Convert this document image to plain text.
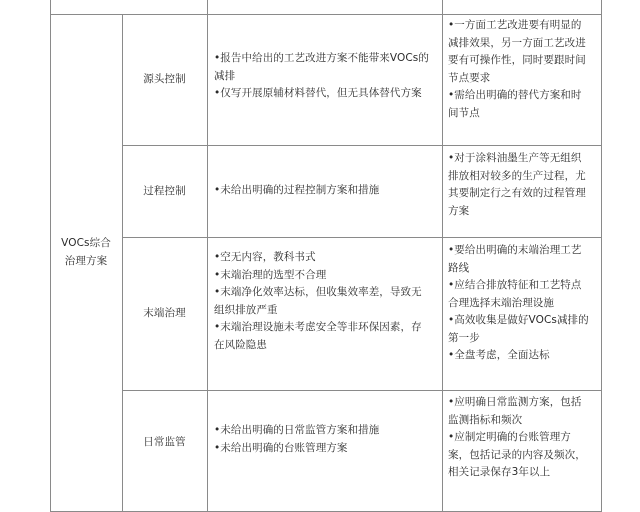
VOCs综合
治理方案
源头控制
过程控制
末端治理
日常监管
•报告中给出的工艺改进方案不能带来VOCs的
减排
•仅写开展原辅材料替代，但无具体替代方案
•未给出明确的过程控制方案和措施
•空无内容，教科书式
•末端治理的选型不合理
•末端净化效率达标，但收集效率差，导致无
组织排放严重
•末端治理设施未考虑安全等非环保因素，存
在风险隐患
•未给出明确的日常监管方案和措施
•未给出明确的台账管理方案
•一方面工艺改进要有明显的
减排效果，另一方面工艺改进
要有可操作性，同时要跟时间
节点要求
•需给出明确的替代方案和时
间节点
•对于涂料油墨生产等无组织
排放相对较多的生产过程，尤
其要制定行之有效的过程管理
方案
•要给出明确的末端治理工艺
路线
•应结合排放特征和工艺特点
合理选择末端治理设施
•高效收集是做好VOCs减排的
第一步
•全盘考虑，全面达标
•应明确日常监测方案，包括
监测指标和频次
•应制定明确的台账管理方
案，包括记录的内容及频次，
相关记录保存3年以上
